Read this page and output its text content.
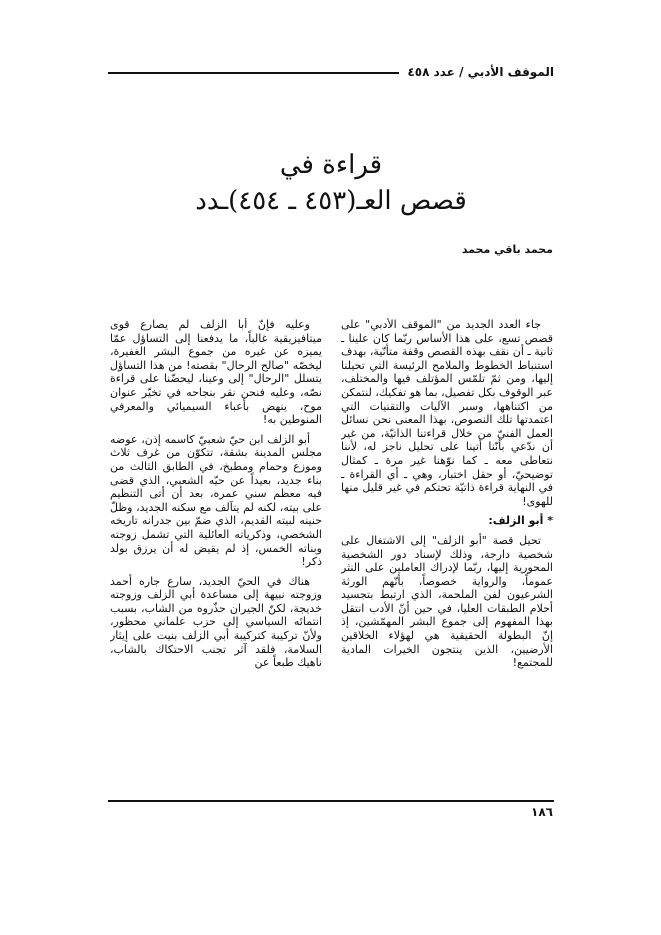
الموقف الأدبي / عدد ٤٥٨
قراءة في
قصص العـ(٤٥٣ ـ ٤٥٤)ـدد
محمد باقي محمد

جاء العدد الجديد من "الموقف الأدبي" على قصص تسع، على هذا الأساس ربّما كان علينا ـ ثانية ـ أن نقف بهذه القصص وقفة متأنّية، بهدف استنباط الخطوط والملامح الرئيسة التي تحيلنا إليها، ومن ثمّ تلمّس المؤتلف فيها والمختلف، عبر الوقوف بكل تفصيل، بما هو تفكيك، لنتمكن من اكتناهها، وسبر الآليات والتقنيات التي اعتمدتها تلك النصوص، بهذا المعنى نحن نسائل العمل الفنيّ من خلال قراءتنا الذاتيّة، من غير أن ندّعي بأنّنا أتينا على تحليل ناجز له، لأننا نتعاطى معه ـ كما نوّهنا غير مرة ـ كمثال توضيحيّ، أو حقل اختبار، وهي ـ أي القراءة ـ في النهاية قراءة ذاتيّة تحتكم في غير قليل منها للهوى!

* أبو الزلف:

تحيل قصة "أبو الزلف" إلى الاشتغال على شخصية دارجة، وذلك لإسناد دور الشخصية المحورية إليها، ربّما لإدراك العاملين على النثر عموماً، والرواية خصوصاً، بأنّهم الورثة الشرعيون لفن الملحمة، الذي ارتبط بتجسيد أحلام الطبقات العليا، في حين أنّ الأدب انتقل بهذا المفهوم إلى جموع البشر المهمّشين، إذ إنّ البطولة الحقيقية هي لهؤلاء الخلاقين الأرضيين، الذين ينتجون الخيرات المادية للمجتمع!

وعليه فإنّ أبا الزلف لم يصارع قوى ميتافيزيقية غالباً، ما يدفعنا إلى التساؤل عمّا يميزه عن غيره من جموع البشر الغفيرة، ليخصّه "صالح الرحال" بقصته! من هذا التساؤل يتسلل "الرحال" إلى وعينا، ليحضّنا على قراءة نصّه، وعليه فنحن نقر بنجاحه في تخيّر عنوان موح، ينهض بأعباء السيميائي والمعرفي المنوطين به!

أبو الزلف ابن حيّ شعبيّ كاسمه إذن، عوضه مجلس المدينة بشقة، تتكوّن من غرف ثلاث وموزع وحمام ومطبخ، في الطابق الثالث من بناء جديد، بعيداً عن حيّه الشعبي، الذي قضى فيه معظم سني عمره، بعد أن أتى التنظيم على بيته، لكنه لم يتآلف مع سكنه الجديد، وظلّ حنينه لبيته القديم، الذي ضمّ بين جدرانه تاريخه الشخصي، وذكرياته العائلية التي تشمل زوجته وبناته الخمس، إذ لم يقيض له أن يرزق بولد ذكر!

هناك في الحيّ الجديد، سارع جاره أحمد وزوجته نبيهة إلى مساعدة أبي الزلف وزوجته خديجة، لكنّ الجيران حذّروه من الشاب، بسبب انتمائه السياسي إلى حزب علماني محظور، ولأنّ تركيبة كتركيبة أبي الزلف بنيت على إيثار السلامة، فلقد آثر تجنب الاحتكاك بالشاب، ناهيك طبعاً عن

١٨٦
